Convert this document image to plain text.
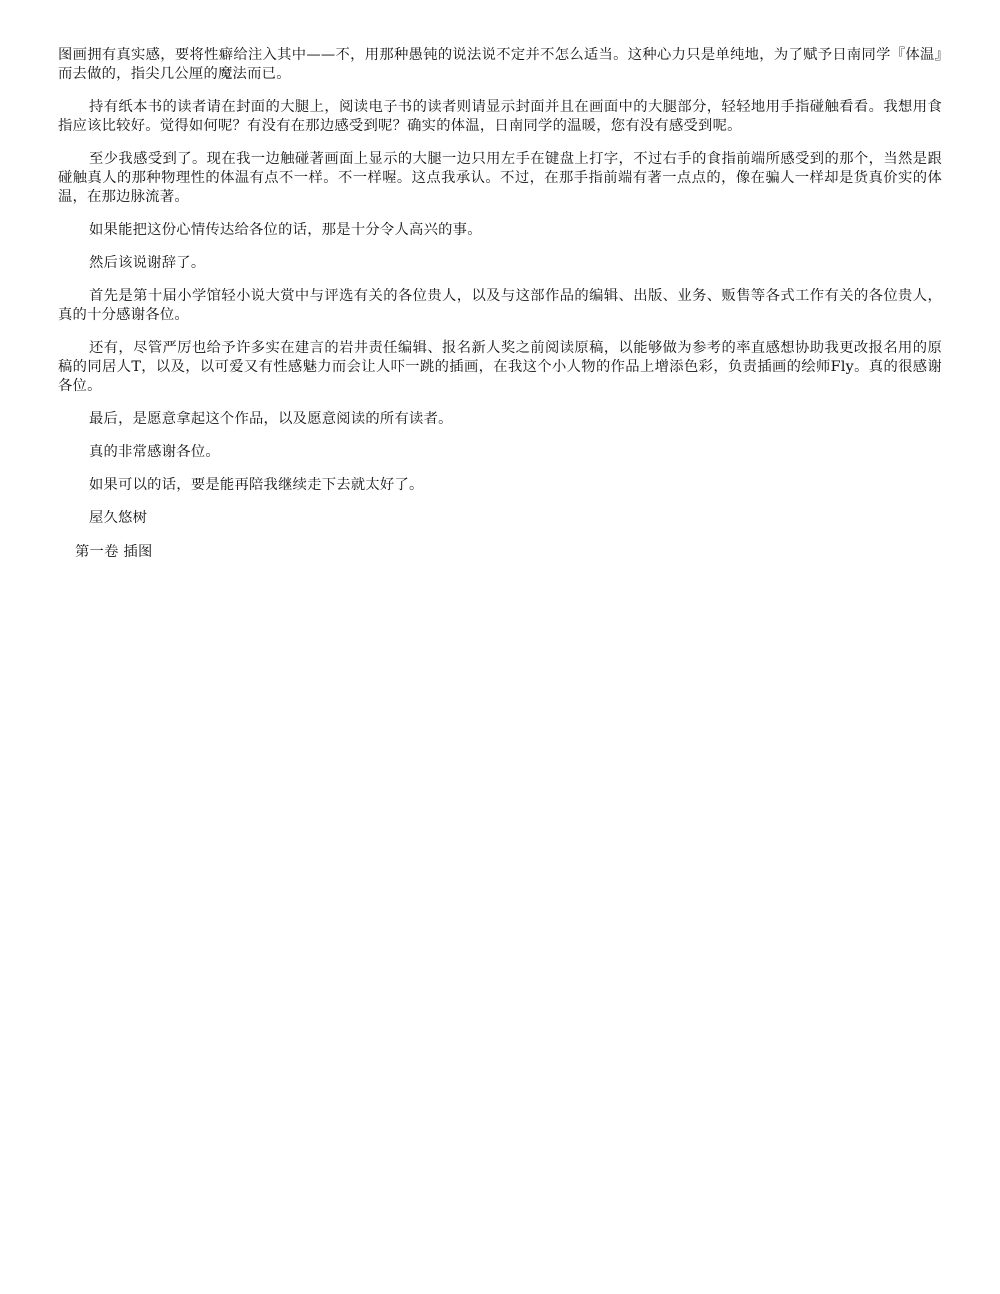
图画拥有真实感，要将性癖给注入其中——不，用那种愚钝的说法说不定并不怎么适当。这种心力只是单纯地，为了赋予日南同学『体温』而去做的，指尖几公厘的魔法而已。

持有纸本书的读者请在封面的大腿上，阅读电子书的读者则请显示封面并且在画面中的大腿部分，轻轻地用手指碰触看看。我想用食指应该比较好。觉得如何呢？有没有在那边感受到呢？确实的体温，日南同学的温暖，您有没有感受到呢。

至少我感受到了。现在我一边触碰著画面上显示的大腿一边只用左手在键盘上打字，不过右手的食指前端所感受到的那个，当然是跟碰触真人的那种物理性的体温有点不一样。不一样喔。这点我承认。不过，在那手指前端有著一点点的，像在骗人一样却是货真价实的体温，在那边脉流著。

如果能把这份心情传达给各位的话，那是十分令人高兴的事。

然后该说谢辞了。

首先是第十届小学馆轻小说大赏中与评选有关的各位贵人，以及与这部作品的编辑、出版、业务、贩售等各式工作有关的各位贵人，真的十分感谢各位。

还有，尽管严厉也给予许多实在建言的岩井责任编辑、报名新人奖之前阅读原稿，以能够做为参考的率直感想协助我更改报名用的原稿的同居人T，以及，以可爱又有性感魅力而会让人吓一跳的插画，在我这个小人物的作品上增添色彩，负责插画的绘师Fly。真的很感谢各位。

最后，是愿意拿起这个作品，以及愿意阅读的所有读者。

真的非常感谢各位。

如果可以的话，要是能再陪我继续走下去就太好了。

屋久悠树

第一卷 插图
